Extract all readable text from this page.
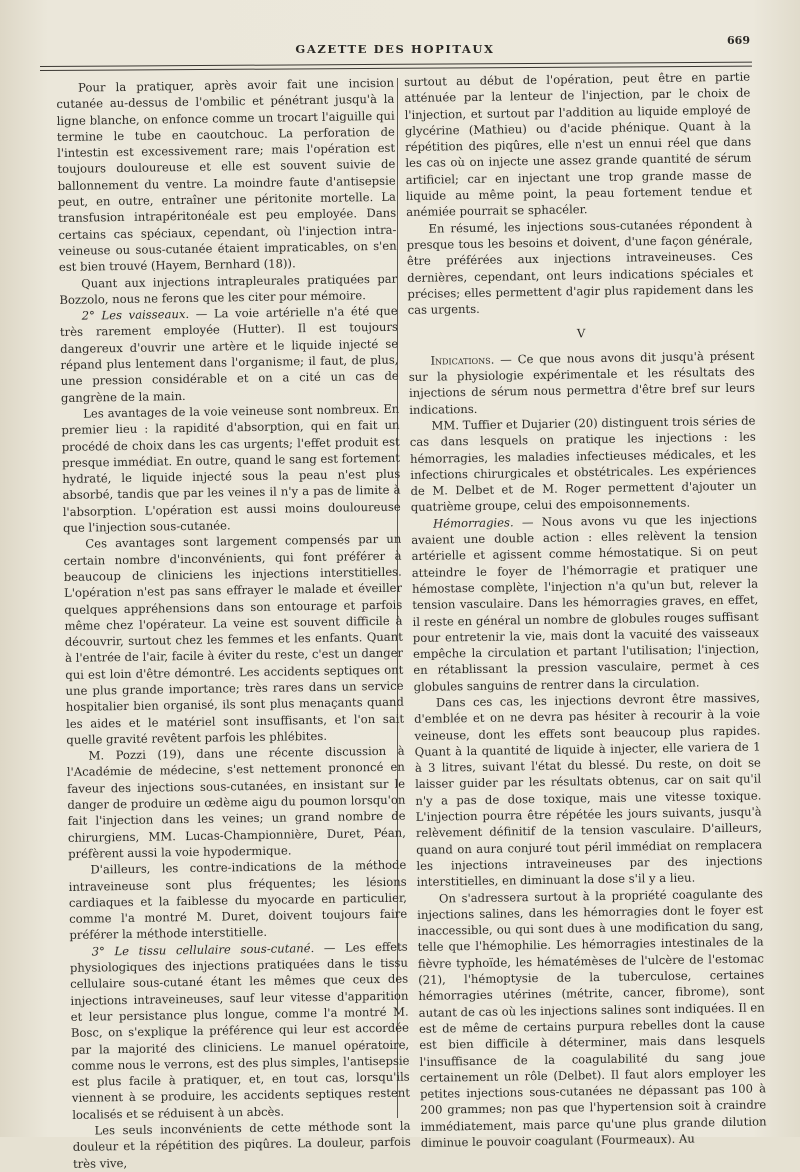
GAZETTE DES HOPITAUX
669

Pour la pratiquer, après avoir fait une incision cutanée au-dessus de l'ombilic et pénétrant jusqu'à la ligne blanche, on enfonce comme un trocart l'aiguille qui termine le tube en caoutchouc. La perforation de l'intestin est excessivement rare; mais l'opération est toujours douloureuse et elle est souvent suivie de ballonnement du ventre. La moindre faute d'antisepsie peut, en outre, entraîner une péritonite mortelle. La transfusion intrapéritonéale est peu employée. Dans certains cas spéciaux, cependant, où l'injection intra-veineuse ou sous-cutanée étaient impraticables, on s'en est bien trouvé (Hayem, Bernhard (18)).

Quant aux injections intrapleurales pratiquées par Bozzolo, nous ne ferons que les citer pour mémoire.

2° Les vaisseaux. — La voie artérielle n'a été que très rarement employée (Hutter). Il est toujours dangereux d'ouvrir une artère et le liquide injecté se répand plus lentement dans l'organisme; il faut, de plus, une pression considérable et on a cité un cas de gangrène de la main.

Les avantages de la voie veineuse sont nombreux. En premier lieu : la rapidité d'absorption, qui en fait un procédé de choix dans les cas urgents; l'effet produit est presque immédiat. En outre, quand le sang est fortement hydraté, le liquide injecté sous la peau n'est plus absorbé, tandis que par les veines il n'y a pas de limite à l'absorption. L'opération est aussi moins douloureuse que l'injection sous-cutanée.

Ces avantages sont largement compensés par un certain nombre d'inconvénients, qui font préférer à beaucoup de cliniciens les injections interstitielles. L'opération n'est pas sans effrayer le malade et éveiller quelques appréhensions dans son entourage et parfois même chez l'opérateur. La veine est souvent difficile à découvrir, surtout chez les femmes et les enfants. Quant à l'entrée de l'air, facile à éviter du reste, c'est un danger qui est loin d'être démontré. Les accidents septiques ont une plus grande importance; très rares dans un service hospitalier bien organisé, ils sont plus menaçants quand les aides et le matériel sont insuffisants, et l'on sait quelle gravité revêtent parfois les phlébites.

M. Pozzi (19), dans une récente discussion à l'Académie de médecine, s'est nettement prononcé en faveur des injections sous-cutanées, en insistant sur le danger de produire un œdème aigu du poumon lorsqu'on fait l'injection dans les veines; un grand nombre de chirurgiens, MM. Lucas-Championnière, Duret, Péan, préfèrent aussi la voie hypodermique.

D'ailleurs, les contre-indications de la méthode intraveineuse sont plus fréquentes; les lésions cardiaques et la faiblesse du myocarde en particulier, comme l'a montré M. Duret, doivent toujours faire préférer la méthode interstitielle.

3° Le tissu cellulaire sous-cutané. — Les effets physiologiques des injections pratiquées dans le tissu cellulaire sous-cutané étant les mêmes que ceux des injections intraveineuses, sauf leur vitesse d'apparition et leur persistance plus longue, comme l'a montré M. Bosc, on s'explique la préférence qui leur est accordée par la majorité des cliniciens. Le manuel opératoire, comme nous le verrons, est des plus simples, l'antisepsie est plus facile à pratiquer, et, en tout cas, lorsqu'ils viennent à se produire, les accidents septiques restent localisés et se réduisent à un abcès.

Les seuls inconvénients de cette méthode sont la douleur et la répétition des piqûres. La douleur, parfois très vive,

surtout au début de l'opération, peut être en partie atténuée par la lenteur de l'injection, par le choix de l'injection, et surtout par l'addition au liquide employé de glycérine (Mathieu) ou d'acide phénique. Quant à la répétition des piqûres, elle n'est un ennui réel que dans les cas où on injecte une assez grande quantité de sérum artificiel; car en injectant une trop grande masse de liquide au même point, la peau fortement tendue et anémiée pourrait se sphacéler.

En résumé, les injections sous-cutanées répondent à presque tous les besoins et doivent, d'une façon générale, être préférées aux injections intraveineuses. Ces dernières, cependant, ont leurs indications spéciales et précises; elles permettent d'agir plus rapidement dans les cas urgents.

V

Indications. — Ce que nous avons dit jusqu'à présent sur la physiologie expérimentale et les résultats des injections de sérum nous permettra d'être bref sur leurs indications.

MM. Tuffier et Dujarier (20) distinguent trois séries de cas dans lesquels on pratique les injections : les hémorragies, les maladies infectieuses médicales, et les infections chirurgicales et obstétricales. Les expériences de M. Delbet et de M. Roger permettent d'ajouter un quatrième groupe, celui des empoisonnements.

Hémorragies. — Nous avons vu que les injections avaient une double action : elles relèvent la tension artérielle et agissent comme hémostatique. Si on peut atteindre le foyer de l'hémorragie et pratiquer une hémostase complète, l'injection n'a qu'un but, relever la tension vasculaire. Dans les hémorragies graves, en effet, il reste en général un nombre de globules rouges suffisant pour entretenir la vie, mais dont la vacuité des vaisseaux empêche la circulation et partant l'utilisation; l'injection, en rétablissant la pression vasculaire, permet à ces globules sanguins de rentrer dans la circulation.

Dans ces cas, les injections devront être massives, d'emblée et on ne devra pas hésiter à recourir à la voie veineuse, dont les effets sont beaucoup plus rapides. Quant à la quantité de liquide à injecter, elle variera de 1 à 3 litres, suivant l'état du blessé. Du reste, on doit se laisser guider par les résultats obtenus, car on sait qu'il n'y a pas de dose toxique, mais une vitesse toxique. L'injection pourra être répétée les jours suivants, jusqu'à relèvement définitif de la tension vasculaire. D'ailleurs, quand on aura conjuré tout péril immédiat on remplacera les injections intraveineuses par des injections interstitielles, en diminuant la dose s'il y a lieu.

On s'adressera surtout à la propriété coagulante des injections salines, dans les hémorragies dont le foyer est inaccessible, ou qui sont dues à une modification du sang, telle que l'hémophilie. Les hémorragies intestinales de la fièvre typhoïde, les hématémèses de l'ulcère de l'estomac (21), l'hémoptysie de la tuberculose, certaines hémorragies utérines (métrite, cancer, fibrome), sont autant de cas où les injections salines sont indiquées. Il en est de même de certains purpura rebelles dont la cause est bien difficile à déterminer, mais dans lesquels l'insuffisance de la coagulabilité du sang joue certainement un rôle (Delbet). Il faut alors employer les petites injections sous-cutanées ne dépassant pas 100 à 200 grammes; non pas que l'hypertension soit à craindre immédiatement, mais parce qu'une plus grande dilution diminue le pouvoir coagulant (Fourmeaux). Au
